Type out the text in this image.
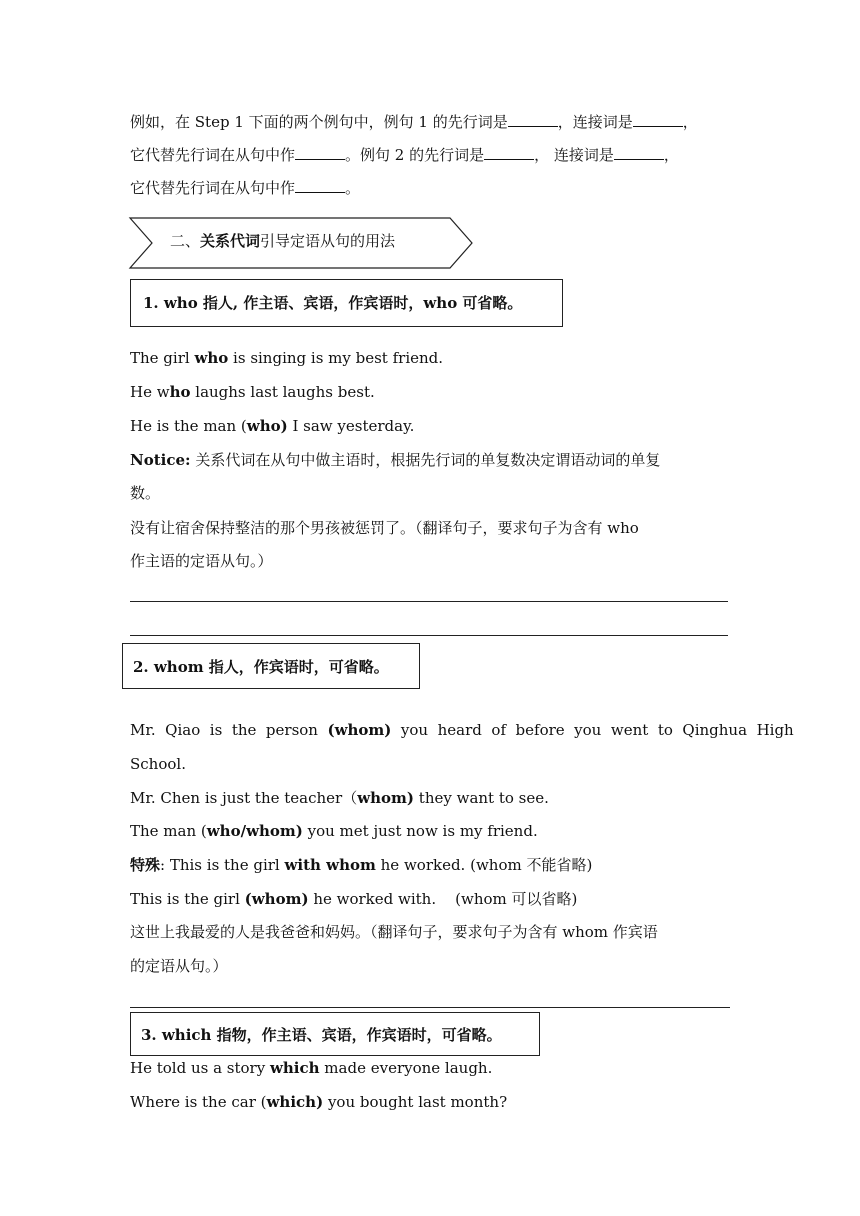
例如，在 Step 1 下面的两个例句中，例句 1 的先行词是	，连接词是	，
它代替先行词在从句中作	。例句 2 的先行词是	， 连接词是	，
它代替先行词在从句中作	。
二、关系代词引导定语从句的用法
1. who 指人, 作主语、宾语，作宾语时，who 可省略。
The girl who is singing is my best friend.
He who laughs last laughs best.
He is the man (who) I saw yesterday.
Notice: 关系代词在从句中做主语时，根据先行词的单复数决定谓语动词的单复
数。
没有让宿舍保持整洁的那个男孩被惩罚了。（翻译句子，要求句子为含有 who
作主语的定语从句。）
2. whom 指人，作宾语时，可省略。
Mr.  Qiao  is  the  person  (whom)  you  heard  of  before  you  went  to  Qinghua  High
School.
Mr. Chen is just the teacher（whom) they want to see.
The man (who/whom) you met just now is my friend.
特殊: This is the girl with whom he worked. (whom 不能省略)
This is the girl (whom) he worked with.    (whom 可以省略)
这世上我最爱的人是我爸爸和妈妈。（翻译句子，要求句子为含有 whom 作宾语
的定语从句。）
3. which 指物，作主语、宾语，作宾语时，可省略。
He told us a story which made everyone laugh.
Where is the car (which) you bought last month?
